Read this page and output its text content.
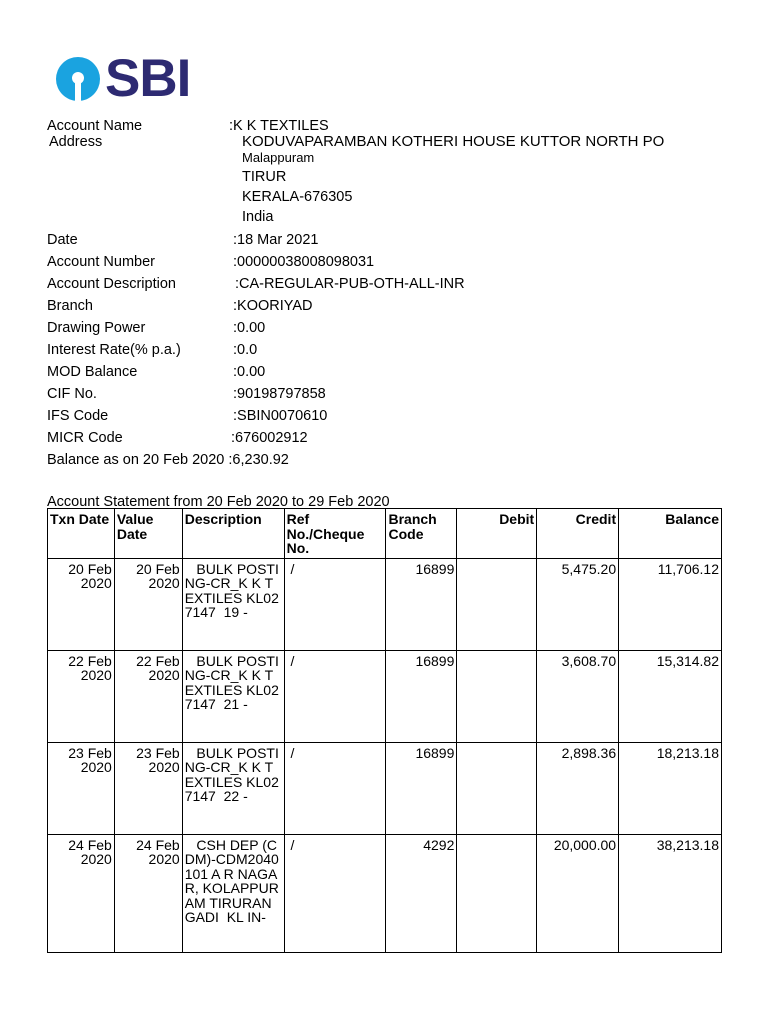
SBI
Account Name	:K K TEXTILES
Address	KODUVAPARAMBAN KOTHERI HOUSE KUTTOR NORTH PO
Malappuram
TIRUR
KERALA-676305
India
Date	:18 Mar 2021
Account Number	:00000038008098031
Account Description	:CA-REGULAR-PUB-OTH-ALL-INR
Branch	:KOORIYAD
Drawing Power	:0.00
Interest Rate(% p.a.)	:0.0
MOD Balance	:0.00
CIF No.	:90198797858
IFS Code	:SBIN0070610
MICR Code	:676002912
Balance as on 20 Feb 2020 :6,230.92
Account Statement from 20 Feb 2020 to 29 Feb 2020
Txn Date	Value Date	Description	Ref No./Cheque No.	Branch Code	Debit	Credit	Balance
20 Feb 2020	20 Feb 2020	BULK POSTING-CR_K K TEXTILES KL027147  19 -	/	16899		5,475.20	11,706.12
22 Feb 2020	22 Feb 2020	BULK POSTING-CR_K K TEXTILES KL027147  21 -	/	16899		3,608.70	15,314.82
23 Feb 2020	23 Feb 2020	BULK POSTING-CR_K K TEXTILES KL027147  22 -	/	16899		2,898.36	18,213.18
24 Feb 2020	24 Feb 2020	CSH DEP (CDM)-CDM2040101 A R NAGAR, KOLAPPURAM TIRURANGADI  KL IN-	/	4292		20,000.00	38,213.18
